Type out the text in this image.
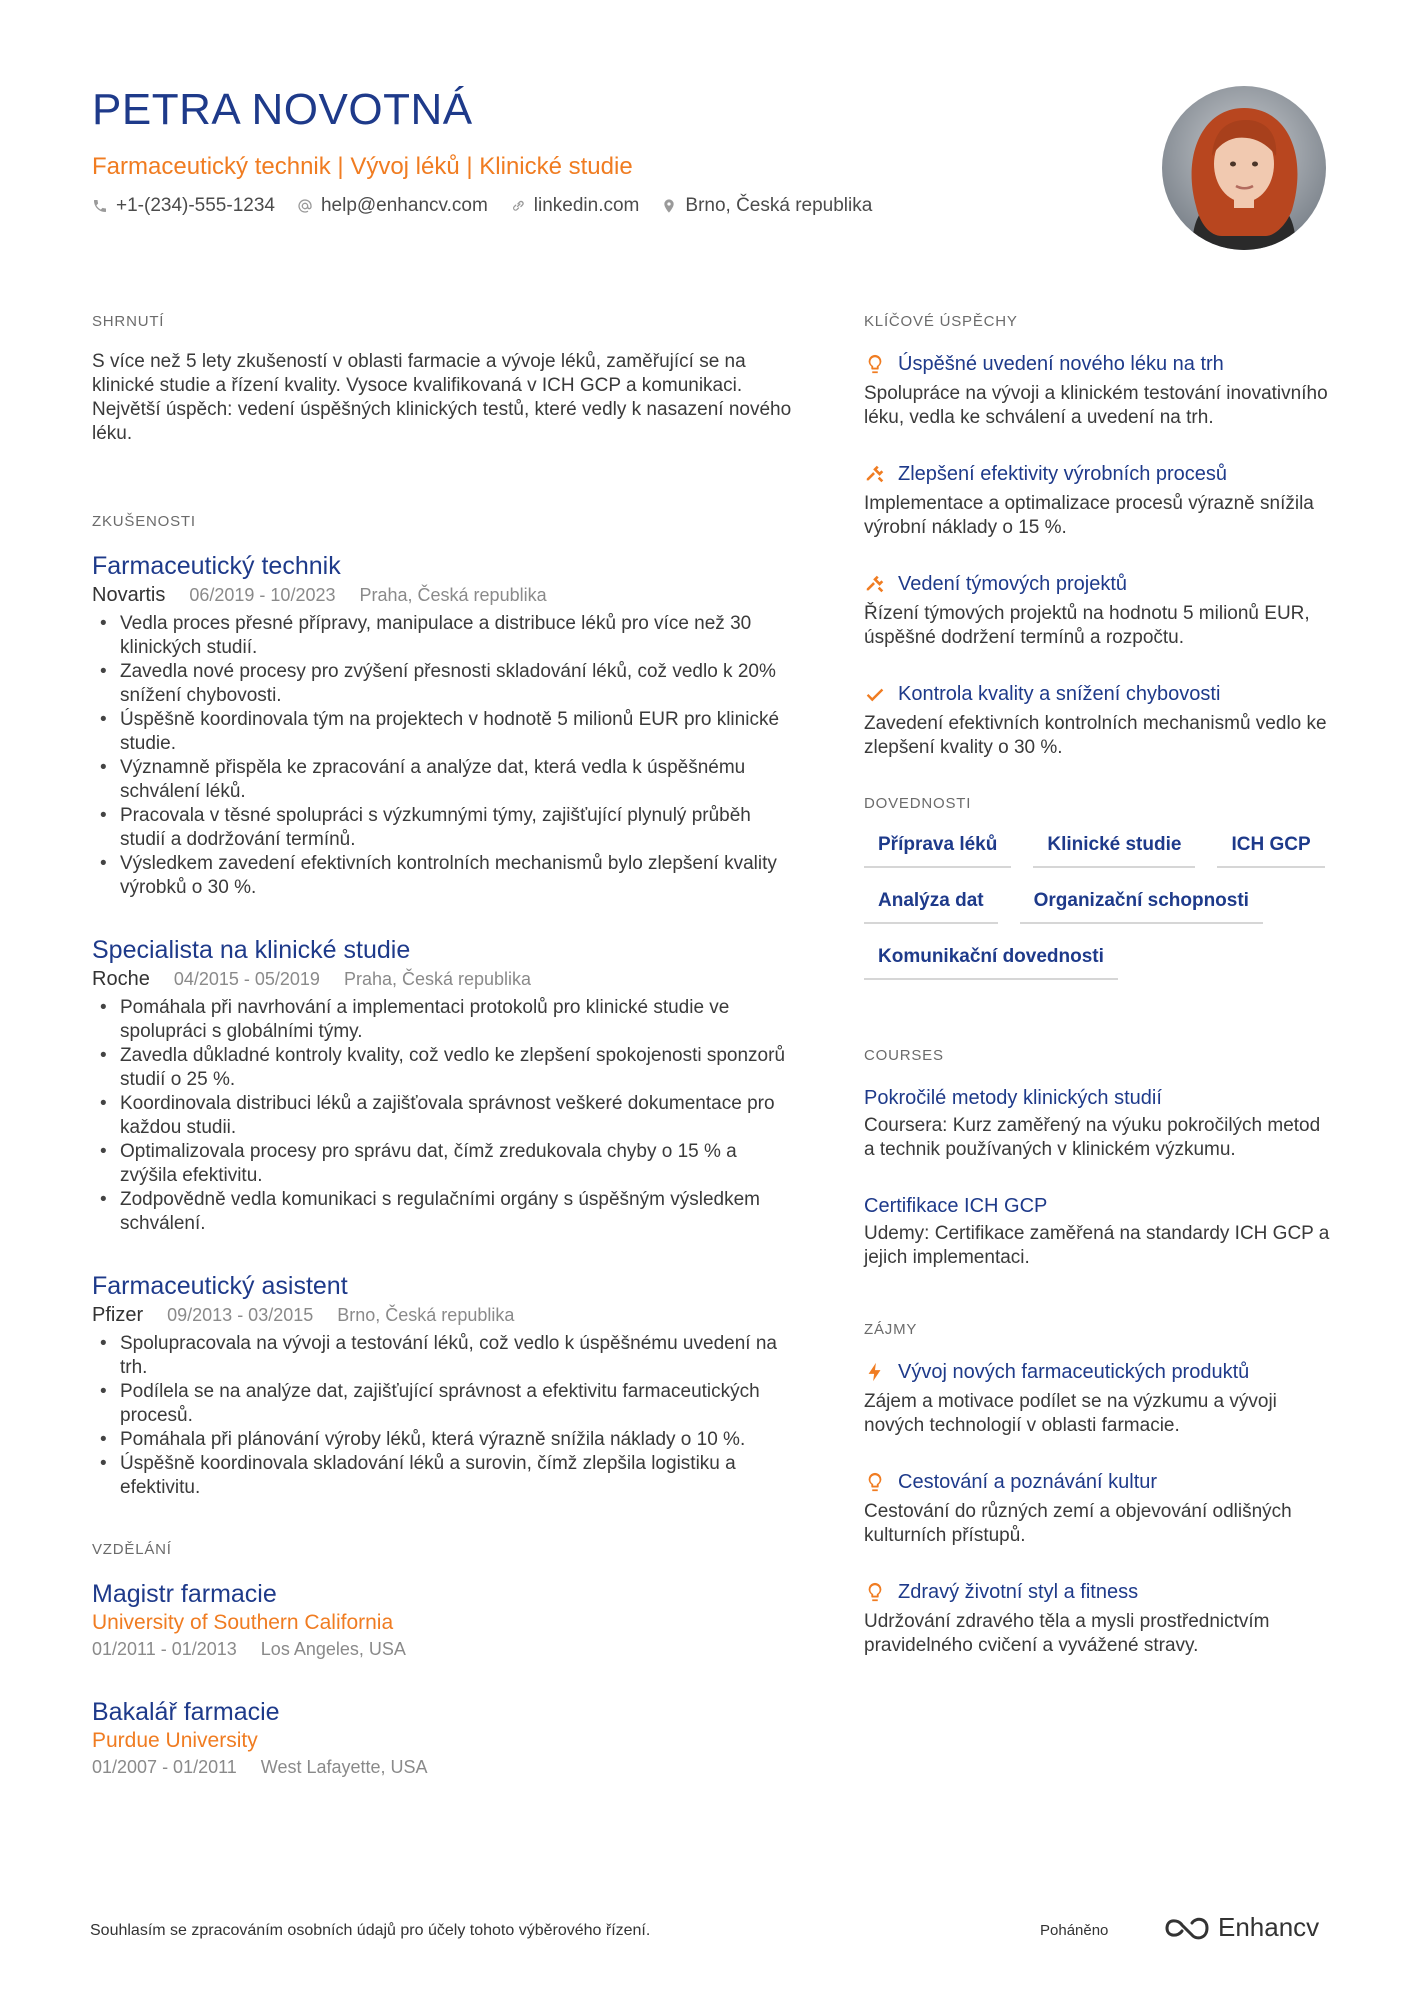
PETRA NOVOTNÁ
Farmaceutický technik | Vývoj léků | Klinické studie
+1-(234)-555-1234 help@enhancv.com linkedin.com Brno, Česká republika
SHRNUTÍ
S více než 5 lety zkušeností v oblasti farmacie a vývoje léků, zaměřující se na klinické studie a řízení kvality. Vysoce kvalifikovaná v ICH GCP a komunikaci. Největší úspěch: vedení úspěšných klinických testů, které vedly k nasazení nového léku.
ZKUŠENOSTI
Farmaceutický technik
Novartis 06/2019 - 10/2023 Praha, Česká republika
• Vedla proces přesné přípravy, manipulace a distribuce léků pro více než 30 klinických studií.
• Zavedla nové procesy pro zvýšení přesnosti skladování léků, což vedlo k 20% snížení chybovosti.
• Úspěšně koordinovala tým na projektech v hodnotě 5 milionů EUR pro klinické studie.
• Významně přispěla ke zpracování a analýze dat, která vedla k úspěšnému schválení léků.
• Pracovala v těsné spolupráci s výzkumnými týmy, zajišťující plynulý průběh studií a dodržování termínů.
• Výsledkem zavedení efektivních kontrolních mechanismů bylo zlepšení kvality výrobků o 30 %.
Specialista na klinické studie
Roche 04/2015 - 05/2019 Praha, Česká republika
• Pomáhala při navrhování a implementaci protokolů pro klinické studie ve spolupráci s globálními týmy.
• Zavedla důkladné kontroly kvality, což vedlo ke zlepšení spokojenosti sponzorů studií o 25 %.
• Koordinovala distribuci léků a zajišťovala správnost veškeré dokumentace pro každou studii.
• Optimalizovala procesy pro správu dat, čímž zredukovala chyby o 15 % a zvýšila efektivitu.
• Zodpovědně vedla komunikaci s regulačními orgány s úspěšným výsledkem schválení.
Farmaceutický asistent
Pfizer 09/2013 - 03/2015 Brno, Česká republika
• Spolupracovala na vývoji a testování léků, což vedlo k úspěšnému uvedení na trh.
• Podílela se na analýze dat, zajišťující správnost a efektivitu farmaceutických procesů.
• Pomáhala při plánování výroby léků, která výrazně snížila náklady o 10 %.
• Úspěšně koordinovala skladování léků a surovin, čímž zlepšila logistiku a efektivitu.
VZDĚLÁNÍ
Magistr farmacie
University of Southern California
01/2011 - 01/2013 Los Angeles, USA
Bakalář farmacie
Purdue University
01/2007 - 01/2011 West Lafayette, USA
KLÍČOVÉ ÚSPĚCHY
Úspěšné uvedení nového léku na trh
Spolupráce na vývoji a klinickém testování inovativního léku, vedla ke schválení a uvedení na trh.
Zlepšení efektivity výrobních procesů
Implementace a optimalizace procesů výrazně snížila výrobní náklady o 15 %.
Vedení týmových projektů
Řízení týmových projektů na hodnotu 5 milionů EUR, úspěšné dodržení termínů a rozpočtu.
Kontrola kvality a snížení chybovosti
Zavedení efektivních kontrolních mechanismů vedlo ke zlepšení kvality o 30 %.
DOVEDNOSTI
Příprava léků	Klinické studie	ICH GCP
Analýza dat	Organizační schopnosti
Komunikační dovednosti
COURSES
Pokročilé metody klinických studií
Coursera: Kurz zaměřený na výuku pokročilých metod a technik používaných v klinickém výzkumu.
Certifikace ICH GCP
Udemy: Certifikace zaměřená na standardy ICH GCP a jejich implementaci.
ZÁJMY
Vývoj nových farmaceutických produktů
Zájem a motivace podílet se na výzkumu a vývoji nových technologií v oblasti farmacie.
Cestování a poznávání kultur
Cestování do různých zemí a objevování odlišných kulturních přístupů.
Zdravý životní styl a fitness
Udržování zdravého těla a mysli prostřednictvím pravidelného cvičení a vyvážené stravy.
Souhlasím se zpracováním osobních údajů pro účely tohoto výběrového řízení.	Poháněno	Enhancv
